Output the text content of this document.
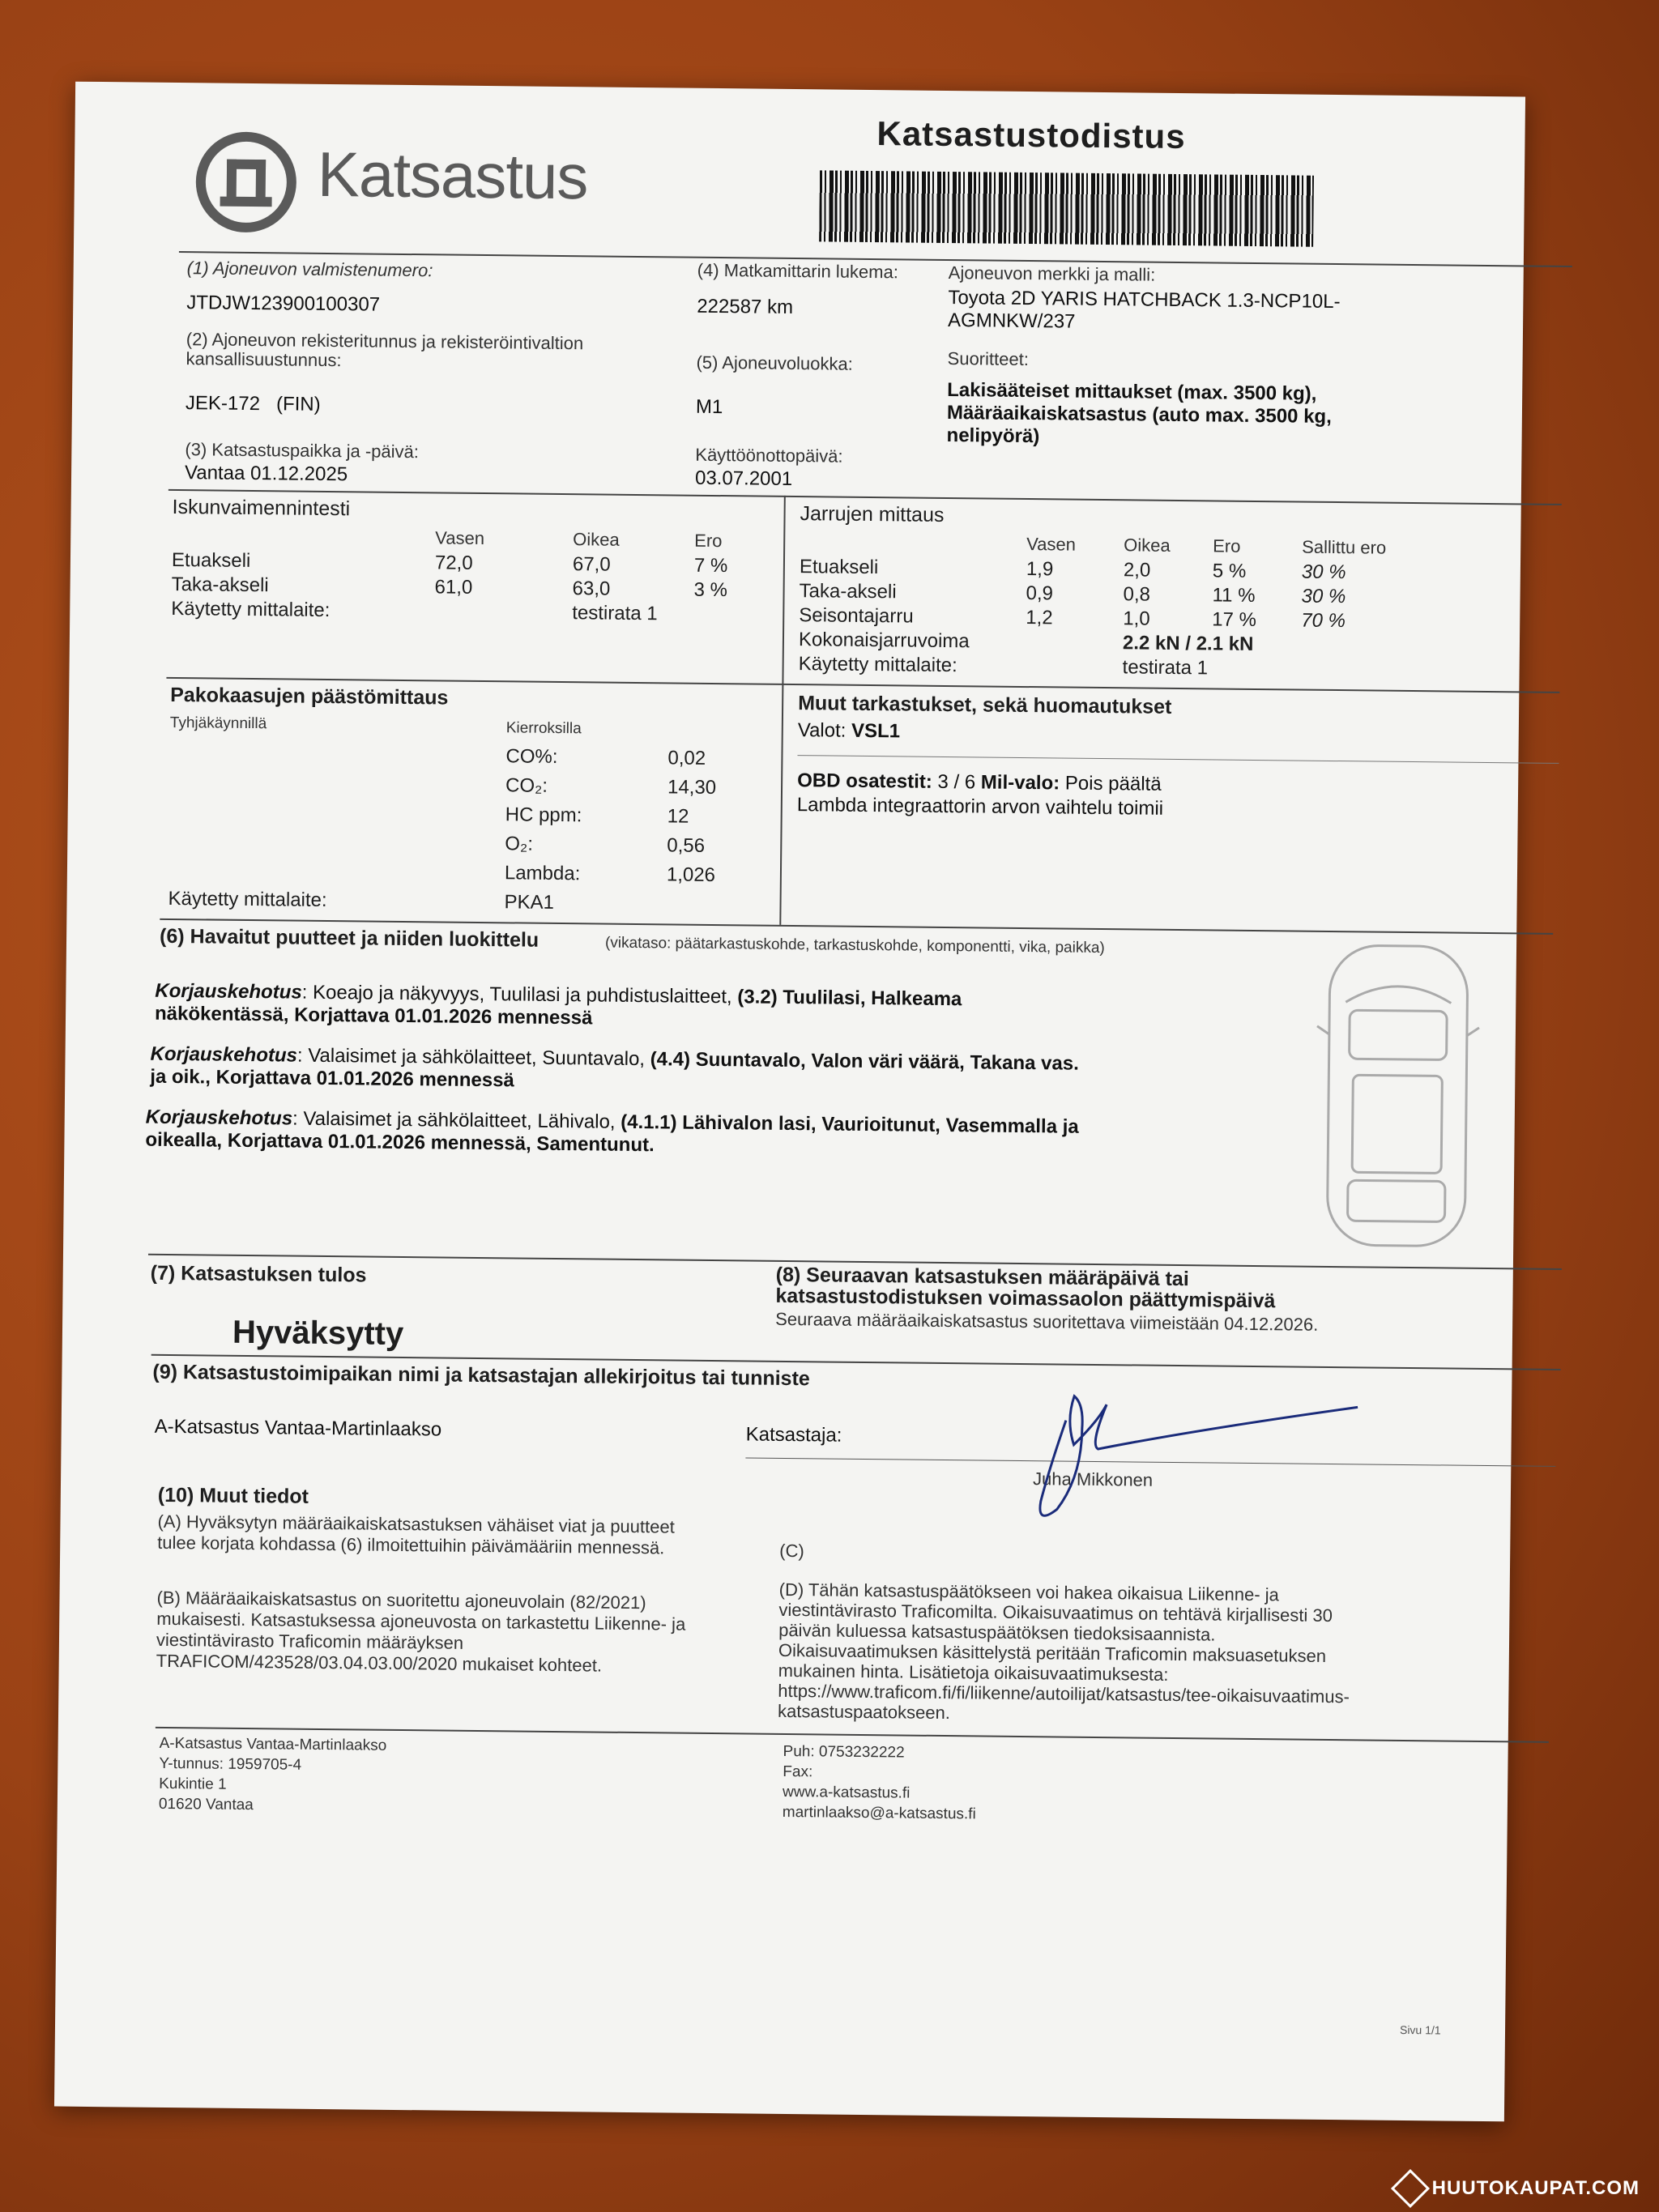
Katsastus
Katsastustodistus
(1) Ajoneuvon valmistenumero:
JTDJW123900100307
(2) Ajoneuvon rekisteritunnus ja rekisteröintivaltion
kansallisuustunnus:
JEK-172   (FIN)
(3) Katsastuspaikka ja -päivä:
Vantaa 01.12.2025
(4) Matkamittarin lukema:
222587 km
(5) Ajoneuvoluokka:
M1
Käyttöönottopäivä:
03.07.2001
Ajoneuvon merkki ja malli:
Toyota 2D YARIS HATCHBACK 1.3-NCP10L-
AGMNKW/237
Suoritteet:
Lakisääteiset mittaukset (max. 3500 kg),
Määräaikaiskatsastus (auto max. 3500 kg,
nelipyörä)
Iskunvaimennintesti
Vasen	Oikea	Ero
Etuakseli	72,0	67,0	7 %
Taka-akseli	61,0	63,0	3 %
Käytetty mittalaite:	testirata 1
Jarrujen mittaus
Vasen	Oikea Ero	Sallittu ero
Etuakseli	1,9	2,0	5 %	30 %
Taka-akseli	0,9	0,8	11 % 30 %
Seisontajarru	1,2	1,0	17 % 70 %
Kokonaisjarruvoima	2.2 kN / 2.1 kN
Käytetty mittalaite:	testirata 1
Pakokaasujen päästömittaus
Tyhjäkäynnillä	Kierroksilla
CO%:	0,02
CO₂:	14,30
HC ppm:	12
O₂:	0,56
Lambda:	1,026
Käytetty mittalaite:	PKA1
Muut tarkastukset, sekä huomautukset
Valot: VSL1
OBD osatestit: 3 / 6 Mil-valo: Pois päältä
Lambda integraattorin arvon vaihtelu toimii
(6) Havaitut puutteet ja niiden luokittelu	(vikataso: päätarkastuskohde, tarkastuskohde, komponentti, vika, paikka)
Korjauskehotus: Koeajo ja näkyvyys, Tuulilasi ja puhdistuslaitteet, (3.2) Tuulilasi, Halkeama
näkökentässä, Korjattava 01.01.2026 mennessä
Korjauskehotus: Valaisimet ja sähkölaitteet, Suuntavalo, (4.4) Suuntavalo, Valon väri väärä, Takana vas.
ja oik., Korjattava 01.01.2026 mennessä
Korjauskehotus: Valaisimet ja sähkölaitteet, Lähivalo, (4.1.1) Lähivalon lasi, Vaurioitunut, Vasemmalla ja
oikealla, Korjattava 01.01.2026 mennessä, Samentunut.
(7) Katsastuksen tulos
Hyväksytty
(8) Seuraavan katsastuksen määräpäivä tai
katsastustodistuksen voimassaolon päättymispäivä
Seuraava määräaikaiskatsastus suoritettava viimeistään 04.12.2026.
(9) Katsastustoimipaikan nimi ja katsastajan allekirjoitus tai tunniste
A-Katsastus Vantaa-Martinlaakso	Katsastaja:
Juha Mikkonen
(10) Muut tiedot
(A) Hyväksytyn määräaikaiskatsastuksen vähäiset viat ja puutteet
tulee korjata kohdassa (6) ilmoitettuihin päivämääriin mennessä.
(B) Määräaikaiskatsastus on suoritettu ajoneuvolain (82/2021)
mukaisesti. Katsastuksessa ajoneuvosta on tarkastettu Liikenne- ja
viestintävirasto Traficomin määräyksen
TRAFICOM/423528/03.04.03.00/2020 mukaiset kohteet.
(C)
(D) Tähän katsastuspäätökseen voi hakea oikaisua Liikenne- ja
viestintävirasto Traficomilta. Oikaisuvaatimus on tehtävä kirjallisesti 30
päivän kuluessa katsastuspäätöksen tiedoksisaannista.
Oikaisuvaatimuksen käsittelystä peritään Traficomin maksuasetuksen
mukainen hinta. Lisätietoja oikaisuvaatimuksesta:
https://www.traficom.fi/fi/liikenne/autoilijat/katsastus/tee-oikaisuvaatimus-
katsastuspaatokseen.
A-Katsastus Vantaa-Martinlaakso
Y-tunnus: 1959705-4
Kukintie 1
01620 Vantaa
Puh: 0753232222
Fax:
www.a-katsastus.fi
martinlaakso@a-katsastus.fi
Sivu 1/1
HUUTOKAUPAT.COM
